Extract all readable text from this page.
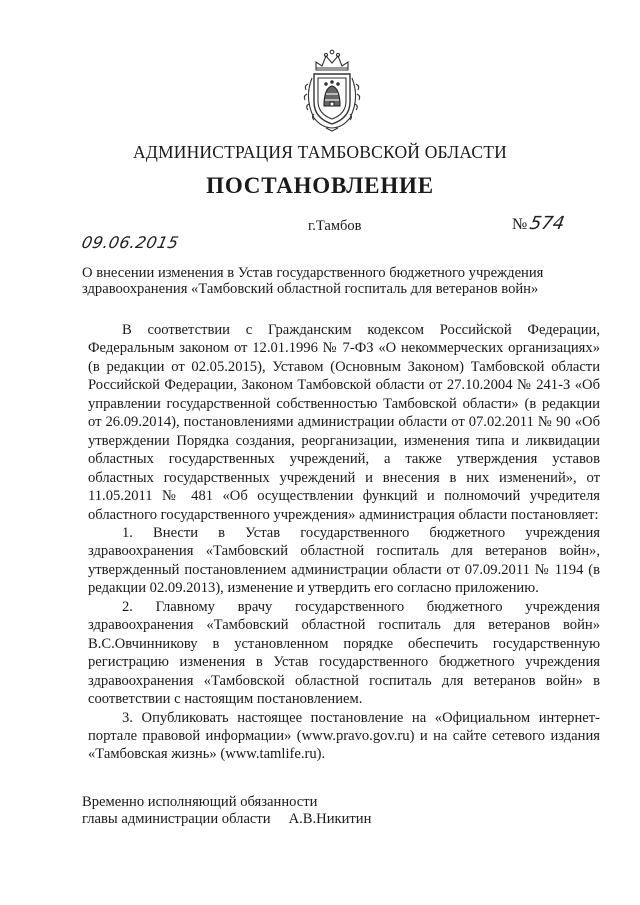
АДМИНИСТРАЦИЯ ТАМБОВСКОЙ ОБЛАСТИ
ПОСТАНОВЛЕНИЕ
г.Тамбов	№ 574
09.06.2015
О внесении изменения в Устав государственного бюджетного учреждения здравоохранения «Тамбовский областной госпиталь для ветеранов войн»

В соответствии с Гражданским кодексом Российской Федерации, Федеральным законом от 12.01.1996 № 7-ФЗ «О некоммерческих организациях» (в редакции от 02.05.2015), Уставом (Основным Законом) Тамбовской области Российской Федерации, Законом Тамбовской области от 27.10.2004 № 241-З «Об управлении государственной собственностью Тамбовской области» (в редакции от 26.09.2014), постановлениями администрации области от 07.02.2011 № 90 «Об утверждении Порядка создания, реорганизации, изменения типа и ликвидации областных государственных учреждений, а также утверждения уставов областных государственных учреждений и внесения в них изменений», от 11.05.2011 № 481 «Об осуществлении функций и полномочий учредителя областного государственного учреждения» администрация области постановляет:

1. Внести в Устав государственного бюджетного учреждения здравоохранения «Тамбовский областной госпиталь для ветеранов войн», утвержденный постановлением администрации области от 07.09.2011 № 1194 (в редакции 02.09.2013), изменение и утвердить его согласно приложению.

2. Главному врачу государственного бюджетного учреждения здравоохранения «Тамбовский областной госпиталь для ветеранов войн» В.С.Овчинникову в установленном порядке обеспечить государственную регистрацию изменения в Устав государственного бюджетного учреждения здравоохранения «Тамбовской областной госпиталь для ветеранов войн» в соответствии с настоящим постановлением.

3. Опубликовать настоящее постановление на «Официальном интернет-портале правовой информации» (www.pravo.gov.ru) и на сайте сетевого издания «Тамбовская жизнь» (www.tamlife.ru).

Временно исполняющий обязанности
главы администрации области А.В.Никитин
